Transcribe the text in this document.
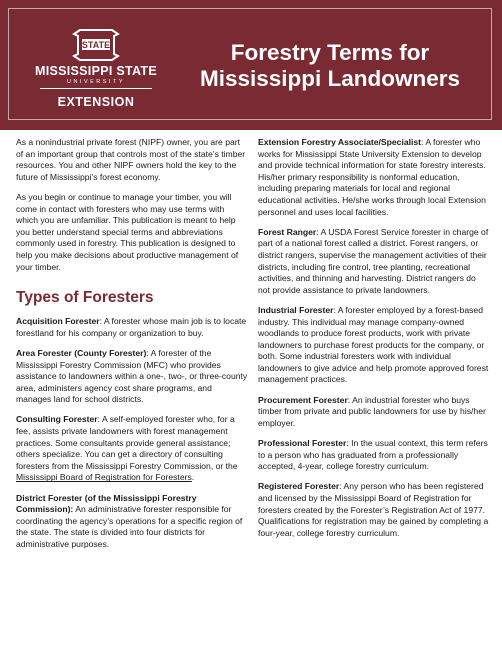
STATE
MISSISSIPPI STATE
UNIVERSITY
EXTENSION
Forestry Terms for
Mississippi Landowners

As a nonindustrial private forest (NIPF) owner, you are part of an important group that controls most of the state’s timber resources. You and other NIPF owners hold the key to the future of Mississippi’s forest economy.

As you begin or continue to manage your timber, you will come in contact with foresters who may use terms with which you are unfamiliar. This publication is meant to help you better understand special terms and abbreviations commonly used in forestry. This publication is designed to help you make decisions about productive management of your timber.

Types of Foresters

Acquisition Forester: A forester whose main job is to locate forestland for his company or organization to buy.

Area Forester (County Forester): A forester of the Mississippi Forestry Commission (MFC) who provides assistance to landowners within a one-, two-, or three-county area, administers agency cost share programs, and manages land for school districts.

Consulting Forester: A self-employed forester who, for a fee, assists private landowners with forest management practices. Some consultants provide general assistance; others specialize. You can get a directory of consulting foresters from the Mississippi Forestry Commission, or the Mississippi Board of Registration for Foresters.

District Forester (of the Mississippi Forestry Commission): An administrative forester responsible for coordinating the agency’s operations for a specific region of the state. The state is divided into four districts for administrative purposes.

Extension Forestry Associate/Specialist: A forester who works for Mississippi State University Extension to develop and provide technical information for state forestry interests. His/her primary responsibility is nonformal education, including preparing materials for local and regional educational activities. He/she works through local Extension personnel and uses local facilities.

Forest Ranger: A USDA Forest Service forester in charge of part of a national forest called a district. Forest rangers, or district rangers, supervise the management activities of their districts, including fire control, tree planting, recreational activities, and thinning and harvesting. District rangers do not provide assistance to private landowners.

Industrial Forester: A forester employed by a forest-based industry. This individual may manage company-owned woodlands to produce forest products, work with private landowners to purchase forest products for the company, or both. Some industrial foresters work with individual landowners to give advice and help promote approved forest management practices.

Procurement Forester: An industrial forester who buys timber from private and public landowners for use by his/her employer.

Professional Forester: In the usual context, this term refers to a person who has graduated from a professionally accepted, 4-year, college forestry curriculum.

Registered Forester: Any person who has been registered and licensed by the Mississippi Board of Registration for foresters created by the Forester’s Registration Act of 1977. Qualifications for registration may be gained by completing a four-year, college forestry curriculum.
